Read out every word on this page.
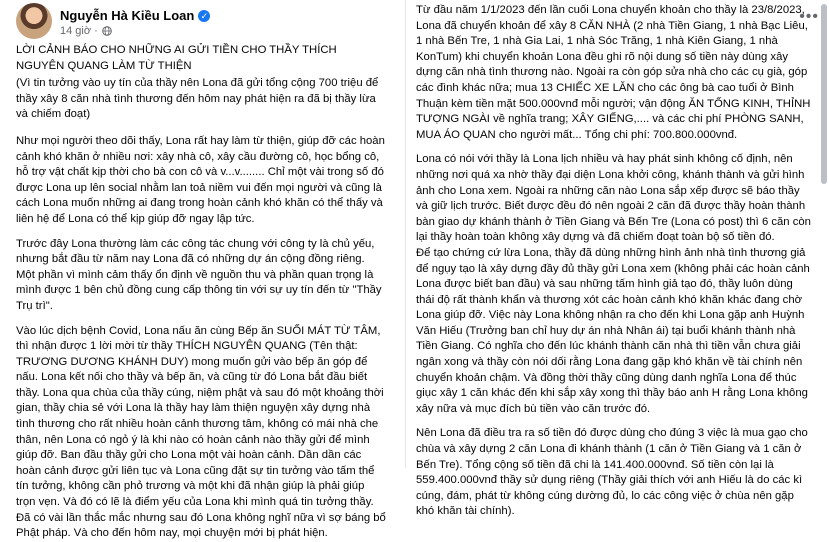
Nguyễn Hà Kiều Loan ✓
14 giờ ·

LỜI CẢNH BÁO CHO NHỮNG AI GỬI TIỀN CHO THẦY THÍCH NGUYÊN QUANG LÀM TỪ THIỆN

(Vì tin tưởng vào uy tín của thầy nên Lona đã gửi tổng cộng 700 triệu để thầy xây 8 căn nhà tình thương đến hôm nay phát hiện ra đã bị thầy lừa và chiếm đoạt)

Như mọi người theo dõi thấy, Lona rất hay làm từ thiện, giúp đỡ các hoàn cảnh khó khăn ở nhiều nơi: xây nhà cô, xây cầu đường cô, học bổng cô, hỗ trợ vật chất kịp thời cho bà con cô và v...v........ Chỉ một vài trong số đó được Lona up lên social nhằm lan toả niềm vui đến mọi người và cũng là cách Lona muốn những ai đang trong hoàn cảnh khó khăn có thể thấy và liên hệ để Lona có thể kịp giúp đỡ ngay lập tức.

Trước đây Lona thường làm các công tác chung với công ty là chủ yếu, nhưng bắt đầu từ năm nay Lona đã có những dự án cộng đồng riêng. Một phần vì mình cảm thấy ổn định về nguồn thu và phần quan trọng là mình được 1 bên chủ đồng cung cấp thông tin với sự uy tín đến từ "Thầy Trụ trì".

Vào lúc dịch bệnh Covid, Lona nấu ăn cùng Bếp ăn SUỐI MÁT TỪ TÂM, thì nhận được 1 lời mời từ thầy THÍCH NGUYÊN QUANG (Tên thật: TRƯƠNG DƯƠNG KHÁNH DUY) mong muốn gửi vào bếp ăn góp để nấu. Lona kết nối cho thầy và bếp ăn, và cũng từ đó Lona bắt đầu biết thầy. Lona qua chùa của thầy cúng, niệm phật và sau đó một khoảng thời gian, thầy chia sẻ với Lona là thầy hay làm thiện nguyện xây dựng nhà tình thương cho rất nhiều hoàn cảnh thương tâm, không có mái nhà che thân, nên Lona có ngỏ ý là khi nào có hoàn cảnh nào thầy gửi để mình giúp đỡ. Ban đầu thầy gửi cho Lona một vài hoàn cảnh. Dần dần các hoàn cảnh được gửi liên tục và Lona cũng đặt sự tin tưởng vào tấm thể tín tưởng, không cần phỏ trương và một khi đã nhận giúp là phải giúp trọn vẹn. Và đó có lẽ là điểm yếu của Lona khi mình quá tin tưởng thầy. Đã có vài lần thắc mắc nhưng sau đó Lona không nghĩ nữa vì sợ báng bổ Phật pháp. Và cho đến hôm nay, mọi chuyện mới bị phát hiện.

•••

Từ đầu năm 1/1/2023 đến lần cuối Lona chuyển khoản cho thầy là 23/8/2023, Lona đã chuyển khoản để xây 8 CĂN NHÀ (2 nhà Tiền Giang, 1 nhà Bạc Liêu, 1 nhà Bến Tre, 1 nhà Gia Lai, 1 nhà Sóc Trăng, 1 nhà Kiên Giang, 1 nhà KonTum) khi chuyển khoản Lona đều ghi rõ nội dung số tiền này dùng xây dựng căn nhà tình thương nào. Ngoài ra còn góp sửa nhà cho các cụ già, góp các đình khác nữa; mua 13 CHIẾC XE LĂN cho các ông bà cao tuổi ở Bình Thuận kèm tiền mặt 500.000vnđ mỗi người; vận động ĂN TỐNG KINH, THỈNH TƯỢNG NGÀI về nghĩa trang; XÂY GIẾNG,.... và các chi phí PHÒNG SANH, MUA ÁO QUAN cho người mất... Tổng chi phí: 700.800.000vnđ.

Lona có nói với thầy là Lona lịch nhiều và hay phát sinh không cố định, nên những nơi quá xa nhờ thầy đại diện Lona khởi công, khánh thành và gửi hình ảnh cho Lona xem. Ngoài ra những căn nào Lona sắp xếp được sẽ báo thầy và giữ lịch trước. Biết được đều đó nên ngoài 2 căn đã được thầy hoàn thành bàn giao dự khánh thành ở Tiền Giang và Bến Tre (Lona có post) thì 6 căn còn lại thầy hoàn toàn không xây dựng và đã chiếm đoạt toàn bộ số tiền đó.

Để tạo chứng cứ lừa Lona, thầy đã dùng những hình ảnh nhà tình thương giả để ngụy tạo là xây dựng đầy đủ thầy gửi Lona xem (không phải các hoàn cảnh Lona được biết ban đầu) và sau những tấm hình giả tạo đó, thầy luôn dùng thái độ rất thành khẩn và thương xót các hoàn cảnh khó khăn khác đang chờ Lona giúp đỡ. Việc này Lona không nhận ra cho đến khi Lona gặp anh Huỳnh Văn Hiếu (Trưởng ban chỉ huy dự án nhà Nhân ái) tại buổi khánh thành nhà Tiền Giang. Có nghĩa cho đến lúc khánh thành căn nhà thì tiền vẫn chưa giải ngân xong và thầy còn nói dối rằng Lona đang gặp khó khăn về tài chính nên chuyển khoản chậm. Và đồng thời thầy cũng dùng danh nghĩa Lona để thúc giục xây 1 căn khác đến khi sắp xây xong thì thầy báo anh H rằng Lona không xây nữa và mục đích bù tiền vào căn trước đó.

Nên Lona đã điều tra ra số tiền đó được dùng cho đúng 3 việc là mua gạo cho chùa và xây dựng 2 căn Lona đi khánh thành (1 căn ở Tiền Giang và 1 căn ở Bến Tre). Tổng cộng số tiền đã chi là 141.400.000vnđ. Số tiền còn lại là 559.400.000vnđ thầy sử dụng riêng (Thầy giải thích với anh Hiếu là do các kì cúng, đám, phát từ không cúng dường đủ, lo các công việc ở chùa nên gặp khó khăn tài chính).
